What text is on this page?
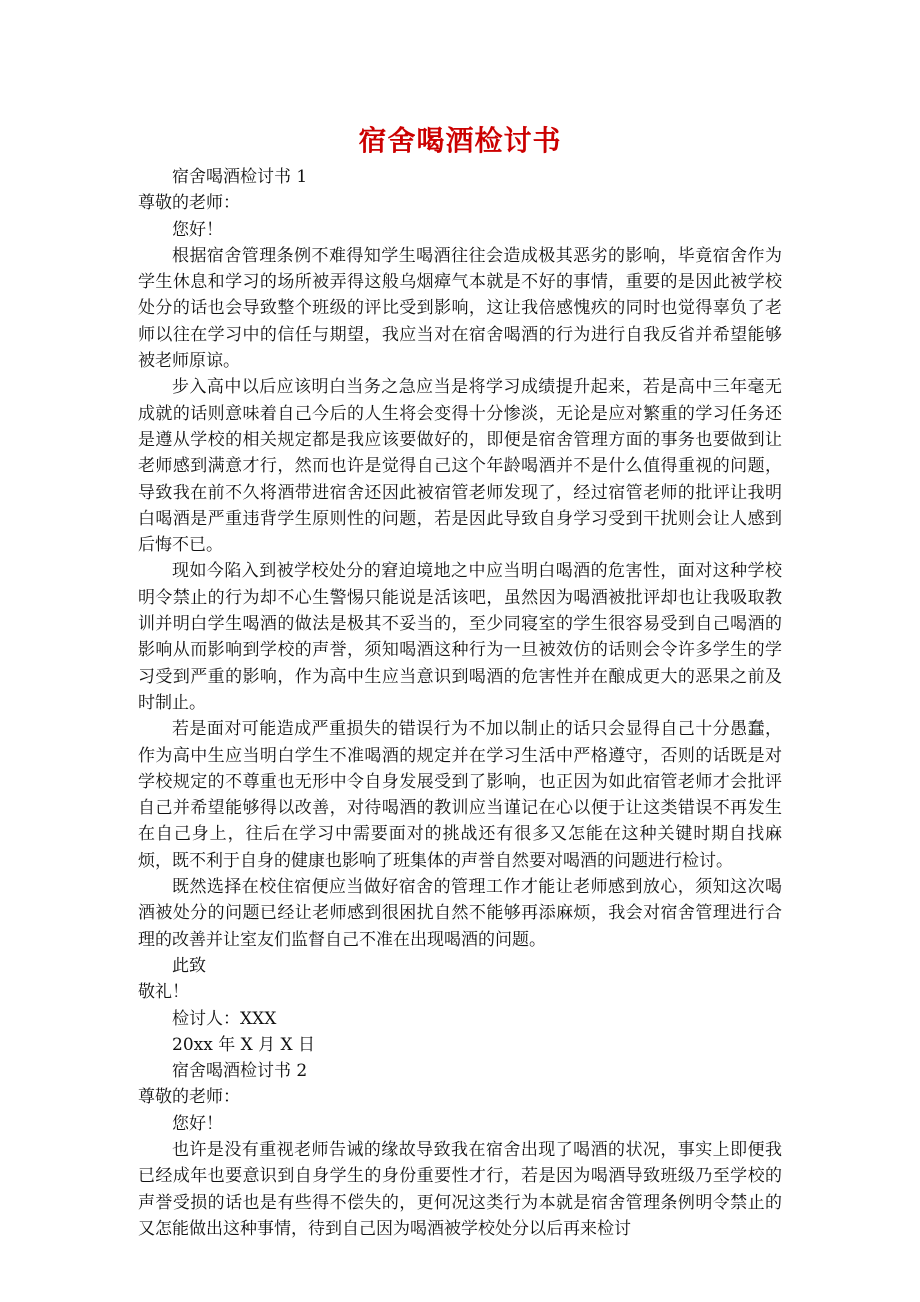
宿舍喝酒检讨书

宿舍喝酒检讨书 1

尊敬的老师：

您好！

根据宿舍管理条例不难得知学生喝酒往往会造成极其恶劣的影响，毕竟宿舍作为学生休息和学习的场所被弄得这般乌烟瘴气本就是不好的事情，重要的是因此被学校处分的话也会导致整个班级的评比受到影响，这让我倍感愧疚的同时也觉得辜负了老师以往在学习中的信任与期望，我应当对在宿舍喝酒的行为进行自我反省并希望能够被老师原谅。

步入高中以后应该明白当务之急应当是将学习成绩提升起来，若是高中三年毫无成就的话则意味着自己今后的人生将会变得十分惨淡，无论是应对繁重的学习任务还是遵从学校的相关规定都是我应该要做好的，即便是宿舍管理方面的事务也要做到让老师感到满意才行，然而也许是觉得自己这个年龄喝酒并不是什么值得重视的问题，导致我在前不久将酒带进宿舍还因此被宿管老师发现了，经过宿管老师的批评让我明白喝酒是严重违背学生原则性的问题，若是因此导致自身学习受到干扰则会让人感到后悔不已。

现如今陷入到被学校处分的窘迫境地之中应当明白喝酒的危害性，面对这种学校明令禁止的行为却不心生警惕只能说是活该吧，虽然因为喝酒被批评却也让我吸取教训并明白学生喝酒的做法是极其不妥当的，至少同寝室的学生很容易受到自己喝酒的影响从而影响到学校的声誉，须知喝酒这种行为一旦被效仿的话则会令许多学生的学习受到严重的影响，作为高中生应当意识到喝酒的危害性并在酿成更大的恶果之前及时制止。

若是面对可能造成严重损失的错误行为不加以制止的话只会显得自己十分愚蠢，作为高中生应当明白学生不准喝酒的规定并在学习生活中严格遵守，否则的话既是对学校规定的不尊重也无形中令自身发展受到了影响，也正因为如此宿管老师才会批评自己并希望能够得以改善，对待喝酒的教训应当谨记在心以便于让这类错误不再发生在自己身上，往后在学习中需要面对的挑战还有很多又怎能在这种关键时期自找麻烦，既不利于自身的健康也影响了班集体的声誉自然要对喝酒的问题进行检讨。

既然选择在校住宿便应当做好宿舍的管理工作才能让老师感到放心，须知这次喝酒被处分的问题已经让老师感到很困扰自然不能够再添麻烦，我会对宿舍管理进行合理的改善并让室友们监督自己不准在出现喝酒的问题。

此致

敬礼！

检讨人：XXX

20xx 年 X 月 X 日

宿舍喝酒检讨书 2

尊敬的老师：

您好！

也许是没有重视老师告诫的缘故导致我在宿舍出现了喝酒的状况，事实上即便我已经成年也要意识到自身学生的身份重要性才行，若是因为喝酒导致班级乃至学校的声誉受损的话也是有些得不偿失的，更何况这类行为本就是宿舍管理条例明令禁止的又怎能做出这种事情，待到自己因为喝酒被学校处分以后再来检讨
